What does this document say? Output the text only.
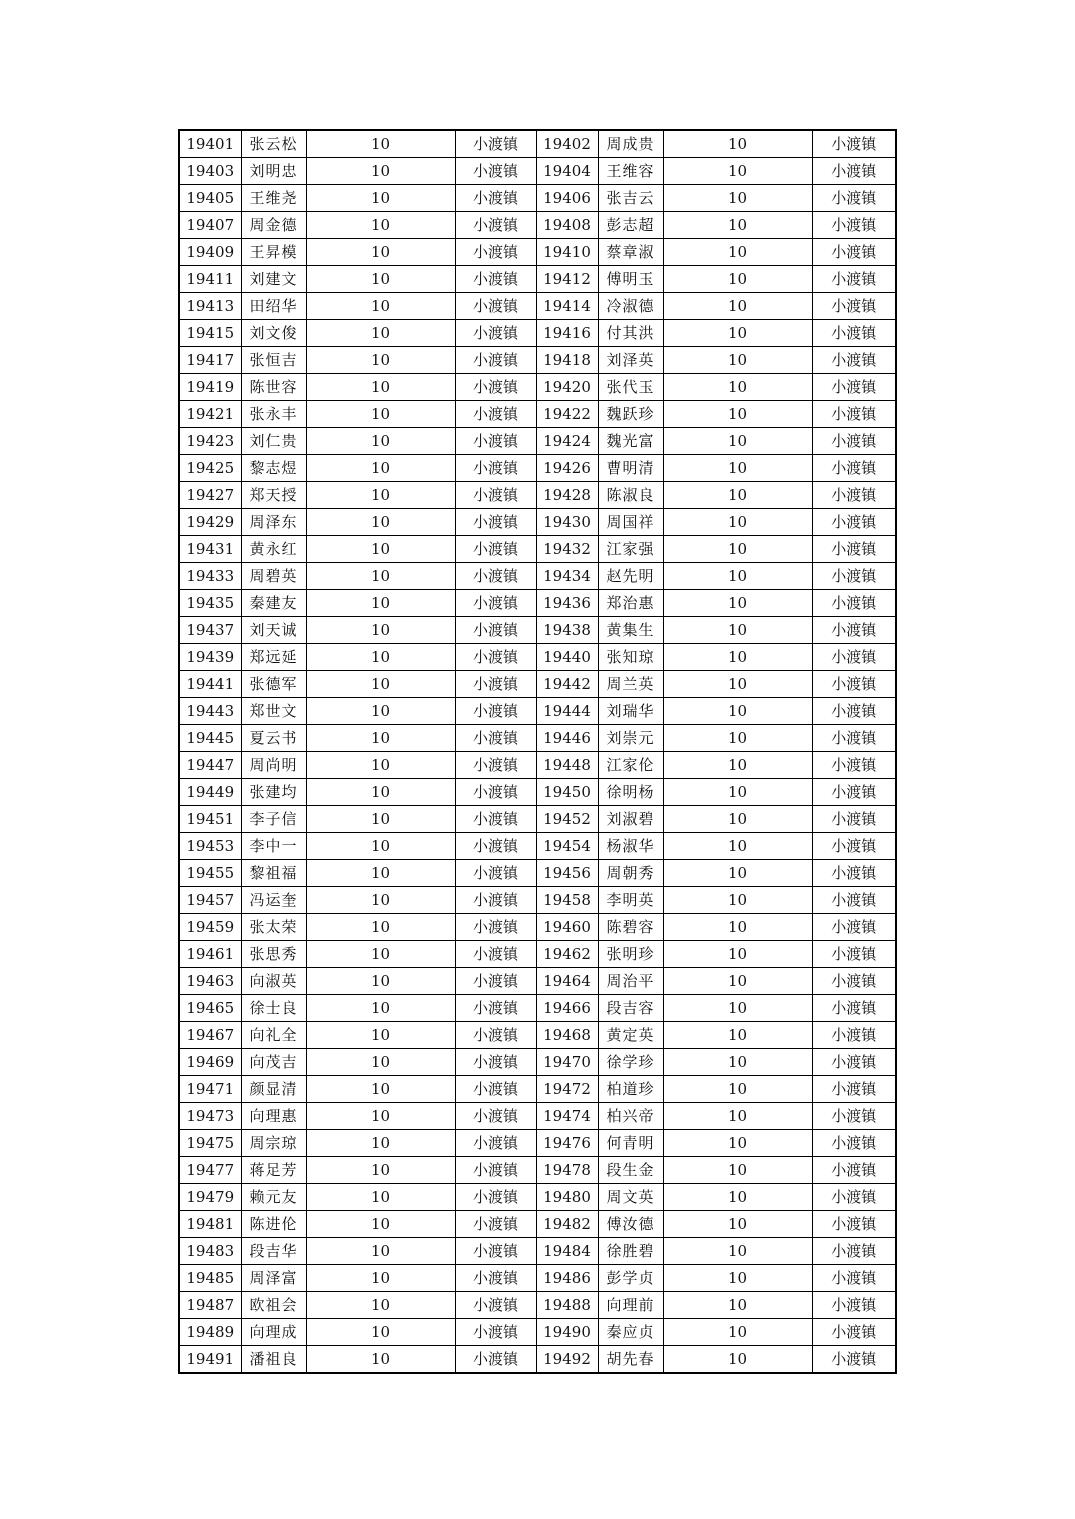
19401	张云松	10	小渡镇	19402	周成贵	10	小渡镇
19403	刘明忠	10	小渡镇	19404	王维容	10	小渡镇
19405	王维尧	10	小渡镇	19406	张吉云	10	小渡镇
19407	周金德	10	小渡镇	19408	彭志超	10	小渡镇
19409	王昇模	10	小渡镇	19410	蔡章淑	10	小渡镇
19411	刘建文	10	小渡镇	19412	傅明玉	10	小渡镇
19413	田绍华	10	小渡镇	19414	冷淑德	10	小渡镇
19415	刘文俊	10	小渡镇	19416	付其洪	10	小渡镇
19417	张恒吉	10	小渡镇	19418	刘泽英	10	小渡镇
19419	陈世容	10	小渡镇	19420	张代玉	10	小渡镇
19421	张永丰	10	小渡镇	19422	魏跃珍	10	小渡镇
19423	刘仁贵	10	小渡镇	19424	魏光富	10	小渡镇
19425	黎志煜	10	小渡镇	19426	曹明清	10	小渡镇
19427	郑天授	10	小渡镇	19428	陈淑良	10	小渡镇
19429	周泽东	10	小渡镇	19430	周国祥	10	小渡镇
19431	黄永红	10	小渡镇	19432	江家强	10	小渡镇
19433	周碧英	10	小渡镇	19434	赵先明	10	小渡镇
19435	秦建友	10	小渡镇	19436	郑治惠	10	小渡镇
19437	刘天诚	10	小渡镇	19438	黄集生	10	小渡镇
19439	郑远延	10	小渡镇	19440	张知琼	10	小渡镇
19441	张德军	10	小渡镇	19442	周兰英	10	小渡镇
19443	郑世文	10	小渡镇	19444	刘瑞华	10	小渡镇
19445	夏云书	10	小渡镇	19446	刘崇元	10	小渡镇
19447	周尚明	10	小渡镇	19448	江家伦	10	小渡镇
19449	张建均	10	小渡镇	19450	徐明杨	10	小渡镇
19451	李子信	10	小渡镇	19452	刘淑碧	10	小渡镇
19453	李中一	10	小渡镇	19454	杨淑华	10	小渡镇
19455	黎祖福	10	小渡镇	19456	周朝秀	10	小渡镇
19457	冯运奎	10	小渡镇	19458	李明英	10	小渡镇
19459	张太荣	10	小渡镇	19460	陈碧容	10	小渡镇
19461	张思秀	10	小渡镇	19462	张明珍	10	小渡镇
19463	向淑英	10	小渡镇	19464	周治平	10	小渡镇
19465	徐士良	10	小渡镇	19466	段吉容	10	小渡镇
19467	向礼全	10	小渡镇	19468	黄定英	10	小渡镇
19469	向茂吉	10	小渡镇	19470	徐学珍	10	小渡镇
19471	颜显清	10	小渡镇	19472	柏道珍	10	小渡镇
19473	向理惠	10	小渡镇	19474	柏兴帝	10	小渡镇
19475	周宗琼	10	小渡镇	19476	何青明	10	小渡镇
19477	蒋足芳	10	小渡镇	19478	段生金	10	小渡镇
19479	赖元友	10	小渡镇	19480	周文英	10	小渡镇
19481	陈进伦	10	小渡镇	19482	傅汝德	10	小渡镇
19483	段吉华	10	小渡镇	19484	徐胜碧	10	小渡镇
19485	周泽富	10	小渡镇	19486	彭学贞	10	小渡镇
19487	欧祖会	10	小渡镇	19488	向理前	10	小渡镇
19489	向理成	10	小渡镇	19490	秦应贞	10	小渡镇
19491	潘祖良	10	小渡镇	19492	胡先春	10	小渡镇
